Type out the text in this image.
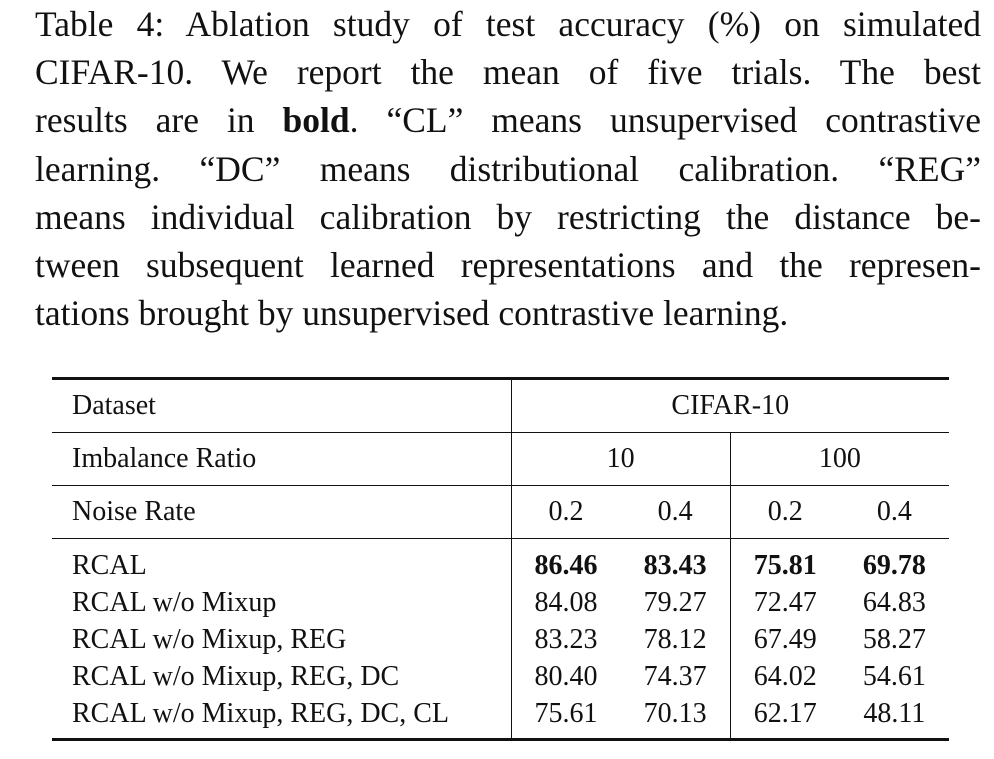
Table 4: Ablation study of test accuracy (%) on simulated
CIFAR-10. We report the mean of five trials. The best
results are in bold. “CL” means unsupervised contrastive
learning. “DC” means distributional calibration. “REG”
means individual calibration by restricting the distance be-
tween subsequent learned representations and the represen-
tations brought by unsupervised contrastive learning.
Dataset	CIFAR-10			
Imbalance Ratio	10		100	
Noise Rate	0.2	0.4	0.2	0.4
RCAL	86.46	83.43	75.81	69.78
RCAL w/o Mixup	84.08	79.27	72.47	64.83
RCAL w/o Mixup, REG	83.23	78.12	67.49	58.27
RCAL w/o Mixup, REG, DC	80.40	74.37	64.02	54.61
RCAL w/o Mixup, REG, DC, CL	75.61	70.13	62.17	48.11
